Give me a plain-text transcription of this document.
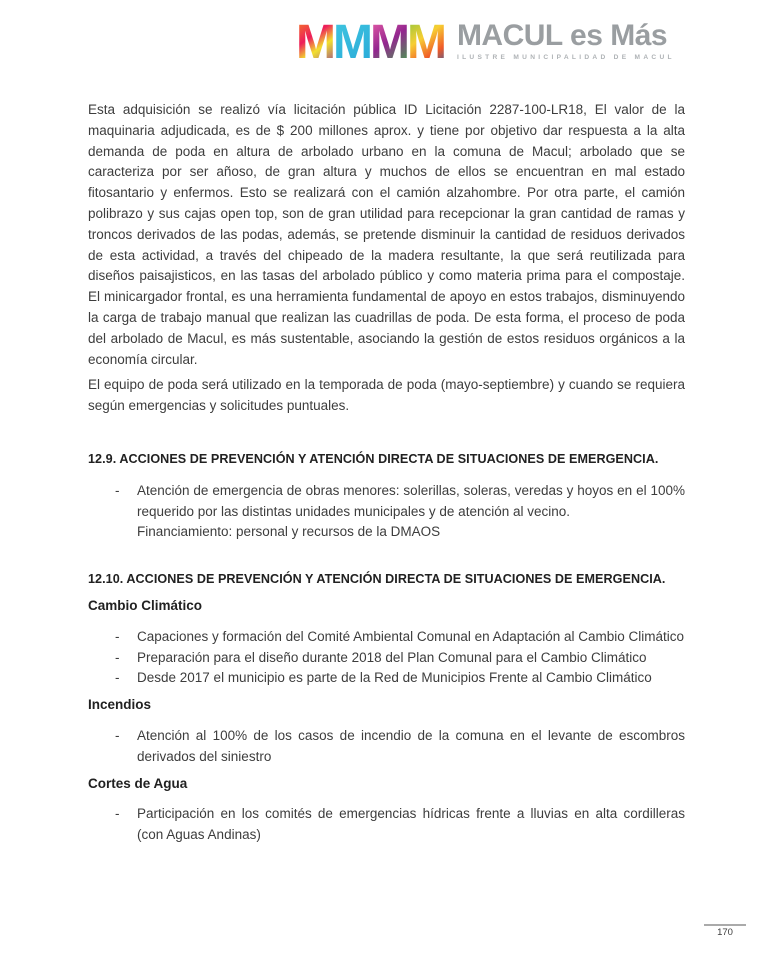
M M M M MACUL es Más
ILUSTRE MUNICIPALIDAD DE MACUL

Esta adquisición se realizó vía licitación pública ID Licitación 2287-100-LR18, El valor de la maquinaria adjudicada, es de $ 200 millones aprox. y tiene por objetivo dar respuesta a la alta demanda de poda en altura de arbolado urbano en la comuna de Macul; arbolado que se caracteriza por ser añoso, de gran altura y muchos de ellos se encuentran en mal estado fitosantario y enfermos. Esto se realizará con el camión alzahombre. Por otra parte, el camión polibrazo y sus cajas open top, son de gran utilidad para recepcionar la gran cantidad de ramas y troncos derivados de las podas, además, se pretende disminuir la cantidad de residuos derivados de esta actividad, a través del chipeado de la madera resultante, la que será reutilizada para diseños paisajisticos, en las tasas del arbolado público y como materia prima para el compostaje. El minicargador frontal, es una herramienta fundamental de apoyo en estos trabajos, disminuyendo la carga de trabajo manual que realizan las cuadrillas de poda. De esta forma, el proceso de poda del arbolado de Macul, es más sustentable, asociando la gestión de estos residuos orgánicos a la economía circular.

El equipo de poda será utilizado en la temporada de poda (mayo-septiembre) y cuando se requiera según emergencias y solicitudes puntuales.

12.9. ACCIONES DE PREVENCIÓN Y ATENCIÓN DIRECTA DE SITUACIONES DE EMERGENCIA.
-	Atención de emergencia de obras menores: solerillas, soleras, veredas y hoyos en el 100% requerido por las distintas unidades municipales y de atención al vecino.
Financiamiento: personal y recursos de la DMAOS
12.10. ACCIONES DE PREVENCIÓN Y ATENCIÓN DIRECTA DE SITUACIONES DE EMERGENCIA.
Cambio Climático
-	Capaciones y formación del Comité Ambiental Comunal en Adaptación al Cambio Climático
-	Preparación para el diseño durante 2018 del Plan Comunal para el Cambio Climático
-	Desde 2017 el municipio es parte de la Red de Municipios Frente al Cambio Climático
Incendios
-	Atención al 100% de los casos de incendio de la comuna en el levante de escombros derivados del siniestro
Cortes de Agua
-	Participación en los comités de emergencias hídricas frente a lluvias en alta cordilleras (con Aguas Andinas)
170
